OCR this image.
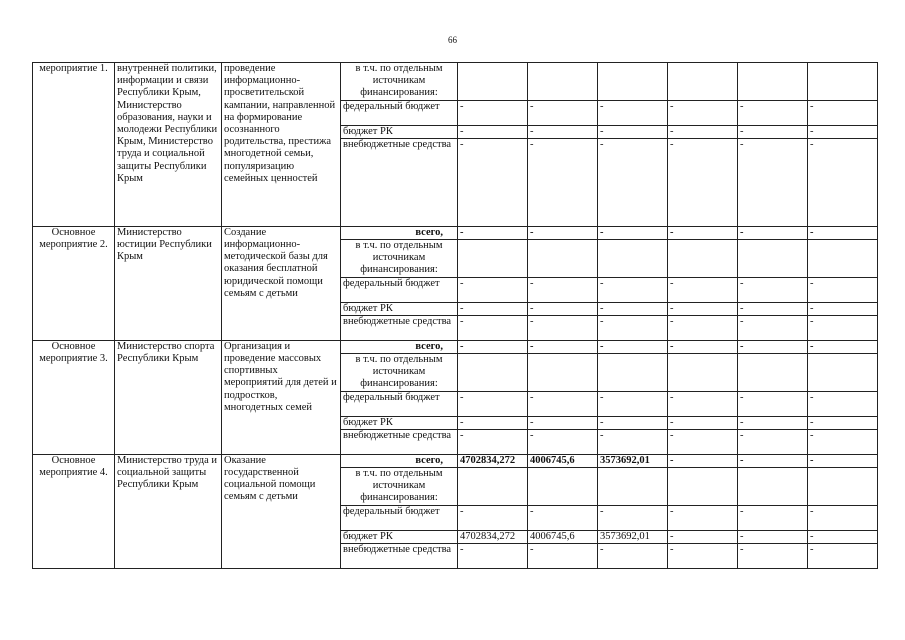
66
мероприятие 1.	внутренней политики, информации и связи Республики Крым, Министерство образования, науки и молодежи Республики Крым, Министерство труда и социальной защиты Республики Крым	проведение информационно-просветительской кампании, направленной на формирование осознанного родительства, престижа многодетной семьи, популяризацию семейных ценностей	в т.ч. по отдельным источникам финансирования:						
			федеральный бюджет	-	-	-	-	-	-
			бюджет РК	-	-	-	-	-	-
			внебюджетные средства	-	-	-	-	-	-
Основное мероприятие 2.	Министерство юстиции Республики Крым	Создание информационно-методической базы для оказания бесплатной юридической помощи семьям с детьми	всего,	-	-	-	-	-	-
			в т.ч. по отдельным источникам финансирования:						
			федеральный бюджет	-	-	-	-	-	-
			бюджет РК	-	-	-	-	-	-
			внебюджетные средства	-	-	-	-	-	-
Основное мероприятие 3.	Министерство спорта Республики Крым	Организация и проведение массовых спортивных мероприятий для детей и подростков, многодетных семей	всего,	-	-	-	-	-	-
			в т.ч. по отдельным источникам финансирования:						
			федеральный бюджет	-	-	-	-	-	-
			бюджет РК	-	-	-	-	-	-
			внебюджетные средства	-	-	-	-	-	-
Основное мероприятие 4.	Министерство труда и социальной защиты Республики Крым	Оказание государственной социальной помощи семьям с детьми	всего,	4702834,272	4006745,6	3573692,01	-	-	-
			в т.ч. по отдельным источникам финансирования:						
			федеральный бюджет	-	-	-	-	-	-
			бюджет РК	4702834,272	4006745,6	3573692,01	-	-	-
			внебюджетные средства	-	-	-	-	-	-
